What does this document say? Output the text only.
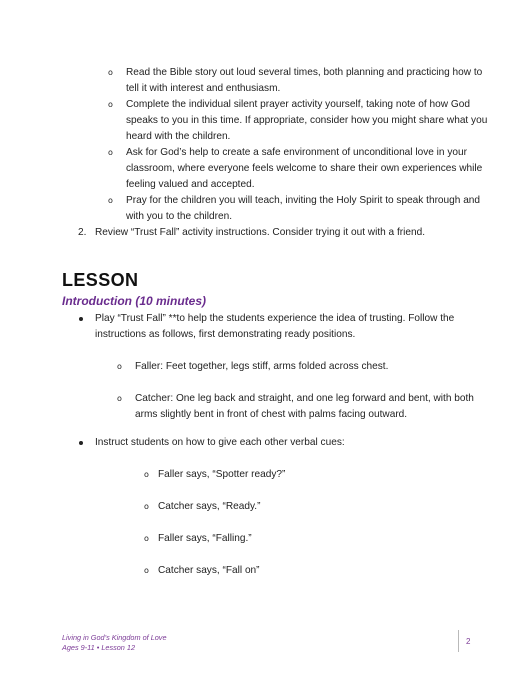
o Read the Bible story out loud several times, both planning and practicing how to
tell it with interest and enthusiasm.
o Complete the individual silent prayer activity yourself, taking note of how God
speaks to you in this time. If appropriate, consider how you might share what you
heard with the children.
o Ask for God’s help to create a safe environment of unconditional love in your
classroom, where everyone feels welcome to share their own experiences while
feeling valued and accepted.
o Pray for the children you will teach, inviting the Holy Spirit to speak through and
with you to the children.
2. Review “Trust Fall” activity instructions. Consider trying it out with a friend.
LESSON
Introduction (10 minutes)
Play “Trust Fall” **to help the students experience the idea of trusting. Follow the
instructions as follows, first demonstrating ready positions.
o Faller: Feet together, legs stiff, arms folded across chest.
o Catcher: One leg back and straight, and one leg forward and bent, with both
arms slightly bent in front of chest with palms facing outward.
Instruct students on how to give each other verbal cues:
o Faller says, “Spotter ready?”
o Catcher says, “Ready.”
o Faller says, “Falling.”
o Catcher says, “Fall on”
Living in God’s Kingdom of Love
Ages 9-11 • Lesson 12
2
